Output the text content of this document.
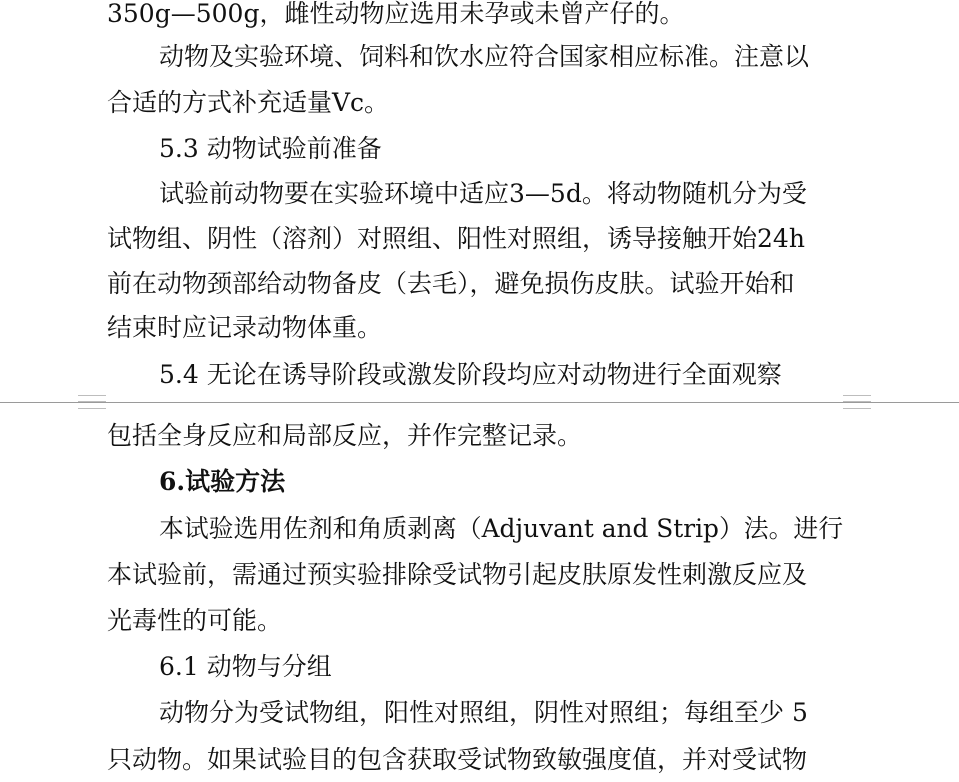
350g—500g，雌性动物应选用未孕或未曾产仔的。
动物及实验环境、饲料和饮水应符合国家相应标准。注意以
合适的方式补充适量Vc。
5.3 动物试验前准备
试验前动物要在实验环境中适应3—5d。将动物随机分为受
试物组、阴性（溶剂）对照组、阳性对照组，诱导接触开始24h
前在动物颈部给动物备皮（去毛），避免损伤皮肤。试验开始和
结束时应记录动物体重。
5.4 无论在诱导阶段或激发阶段均应对动物进行全面观察
包括全身反应和局部反应，并作完整记录。
6.试验方法
本试验选用佐剂和角质剥离（Adjuvant and Strip）法。进行
本试验前，需通过预实验排除受试物引起皮肤原发性刺激反应及
光毒性的可能。
6.1 动物与分组
动物分为受试物组，阳性对照组，阴性对照组；每组至少 5
只动物。如果试验目的包含获取受试物致敏强度值，并对受试物
